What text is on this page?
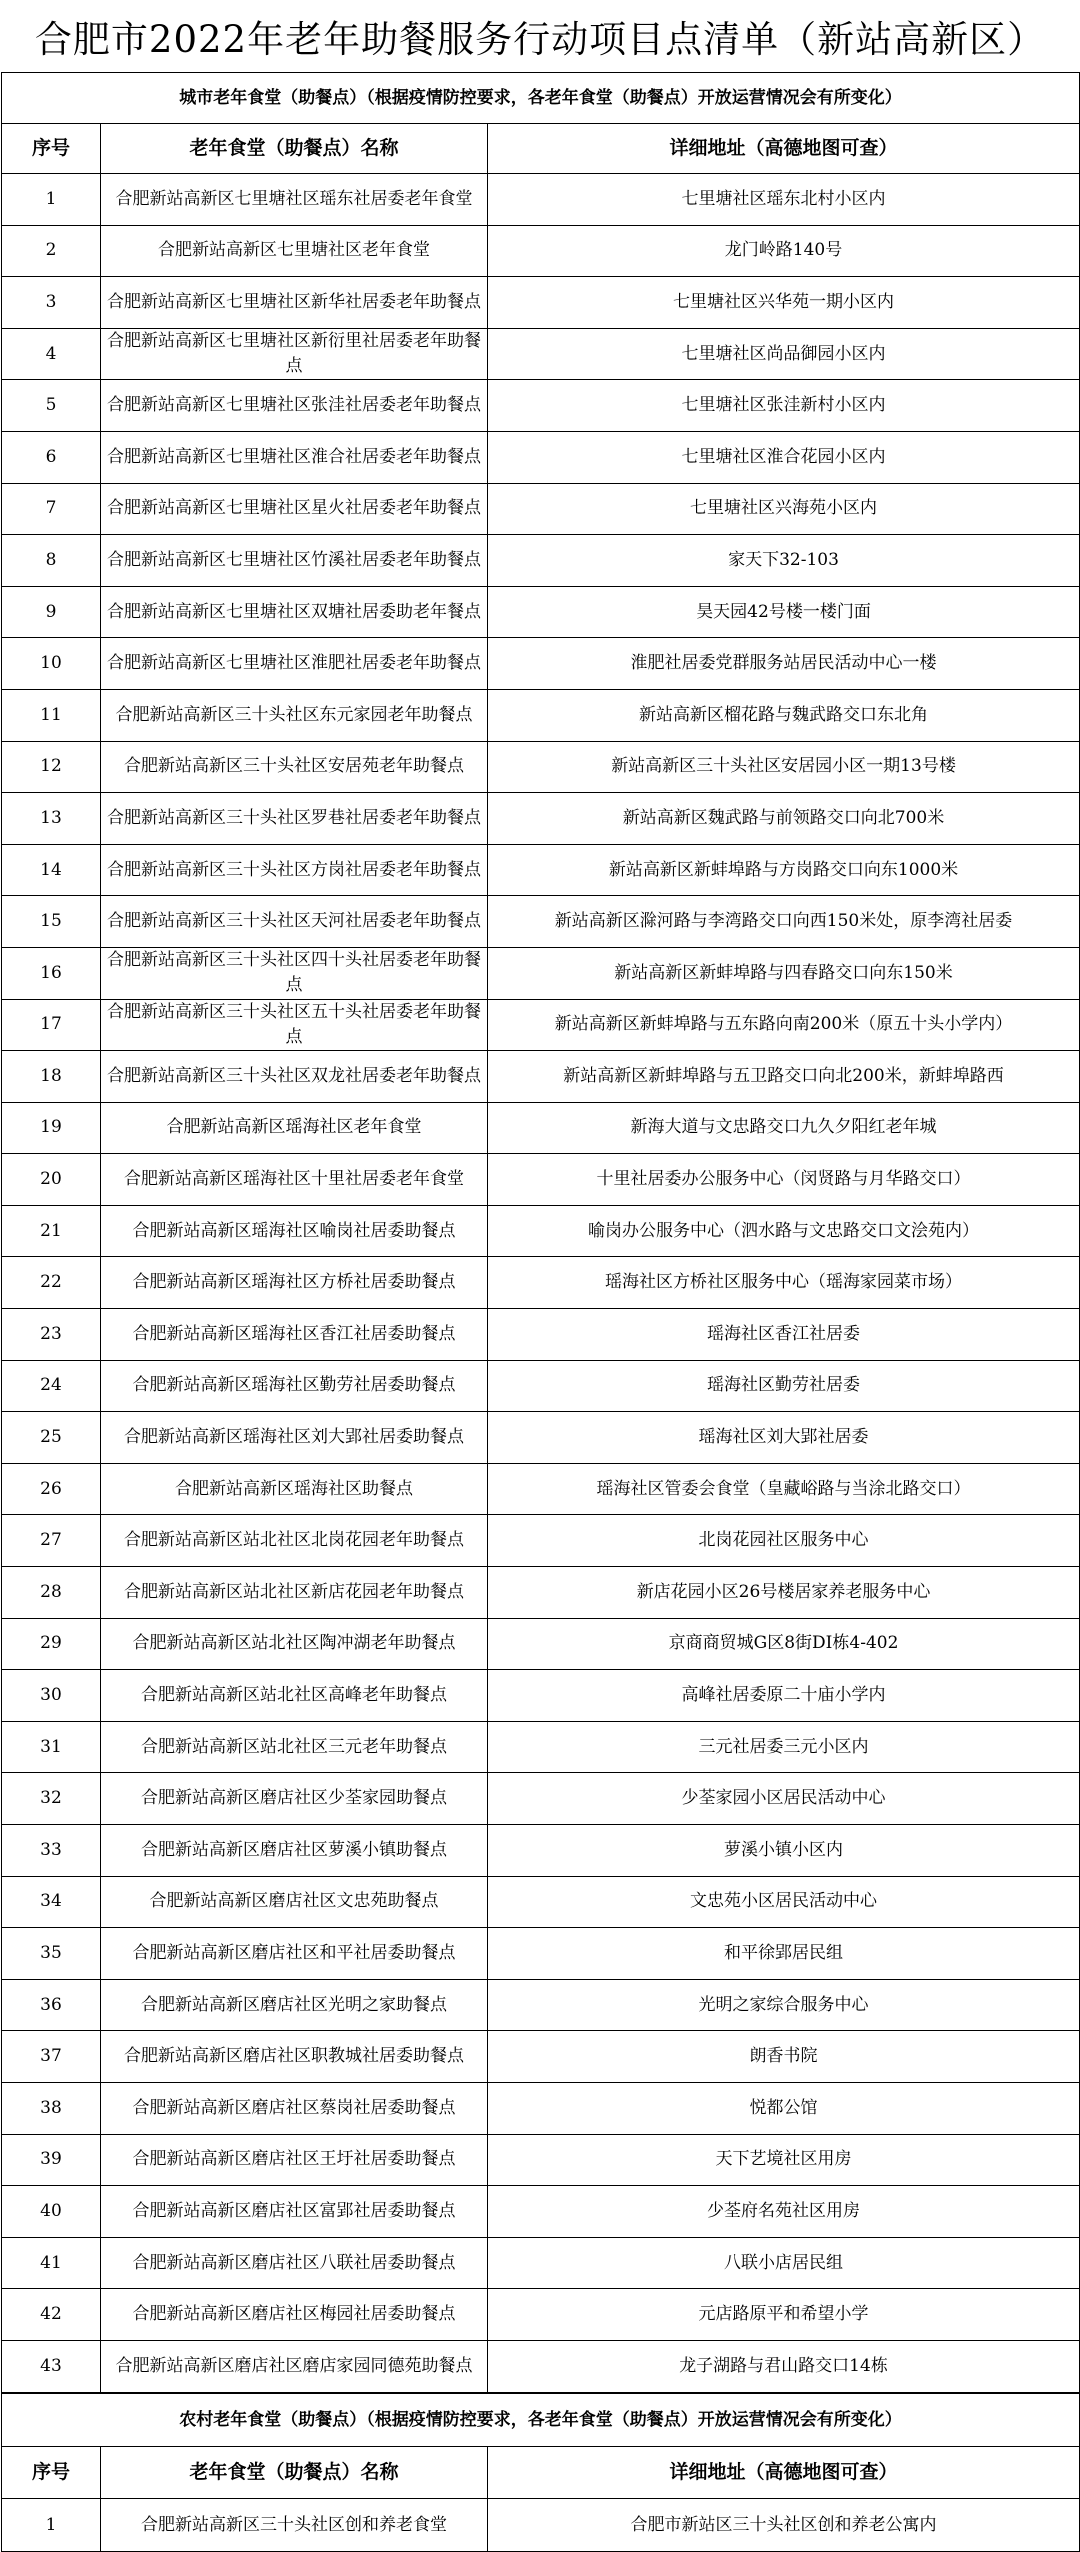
合肥市2022年老年助餐服务行动项目点清单（新站高新区）
城市老年食堂（助餐点）（根据疫情防控要求，各老年食堂（助餐点）开放运营情况会有所变化）		
序号	老年食堂（助餐点）名称	详细地址（高德地图可查）
1	合肥新站高新区七里塘社区瑶东社居委老年食堂	七里塘社区瑶东北村小区内
2	合肥新站高新区七里塘社区老年食堂	龙门岭路140号
3	合肥新站高新区七里塘社区新华社居委老年助餐点	七里塘社区兴华苑一期小区内
4	合肥新站高新区七里塘社区新衍里社居委老年助餐点	七里塘社区尚品御园小区内
5	合肥新站高新区七里塘社区张洼社居委老年助餐点	七里塘社区张洼新村小区内
6	合肥新站高新区七里塘社区淮合社居委老年助餐点	七里塘社区淮合花园小区内
7	合肥新站高新区七里塘社区星火社居委老年助餐点	七里塘社区兴海苑小区内
8	合肥新站高新区七里塘社区竹溪社居委老年助餐点	家天下32-103
9	合肥新站高新区七里塘社区双塘社居委助老年餐点	昊天园42号楼一楼门面
10	合肥新站高新区七里塘社区淮肥社居委老年助餐点	淮肥社居委党群服务站居民活动中心一楼
11	合肥新站高新区三十头社区东元家园老年助餐点	新站高新区榴花路与魏武路交口东北角
12	合肥新站高新区三十头社区安居苑老年助餐点	新站高新区三十头社区安居园小区一期13号楼
13	合肥新站高新区三十头社区罗巷社居委老年助餐点	新站高新区魏武路与前领路交口向北700米
14	合肥新站高新区三十头社区方岗社居委老年助餐点	新站高新区新蚌埠路与方岗路交口向东1000米
15	合肥新站高新区三十头社区天河社居委老年助餐点	新站高新区滁河路与李湾路交口向西150米处，原李湾社居委
16	合肥新站高新区三十头社区四十头社居委老年助餐点	新站高新区新蚌埠路与四春路交口向东150米
17	合肥新站高新区三十头社区五十头社居委老年助餐点	新站高新区新蚌埠路与五东路向南200米（原五十头小学内）
18	合肥新站高新区三十头社区双龙社居委老年助餐点	新站高新区新蚌埠路与五卫路交口向北200米，新蚌埠路西
19	合肥新站高新区瑶海社区老年食堂	新海大道与文忠路交口九久夕阳红老年城
20	合肥新站高新区瑶海社区十里社居委老年食堂	十里社居委办公服务中心（闵贤路与月华路交口）
21	合肥新站高新区瑶海社区喻岗社居委助餐点	喻岗办公服务中心（泗水路与文忠路交口文浍苑内）
22	合肥新站高新区瑶海社区方桥社居委助餐点	瑶海社区方桥社区服务中心（瑶海家园菜市场）
23	合肥新站高新区瑶海社区香江社居委助餐点	瑶海社区香江社居委
24	合肥新站高新区瑶海社区勤劳社居委助餐点	瑶海社区勤劳社居委
25	合肥新站高新区瑶海社区刘大郢社居委助餐点	瑶海社区刘大郢社居委
26	合肥新站高新区瑶海社区助餐点	瑶海社区管委会食堂（皇藏峪路与当涂北路交口）
27	合肥新站高新区站北社区北岗花园老年助餐点	北岗花园社区服务中心
28	合肥新站高新区站北社区新店花园老年助餐点	新店花园小区26号楼居家养老服务中心
29	合肥新站高新区站北社区陶冲湖老年助餐点	京商商贸城G区8街DI栋4-402
30	合肥新站高新区站北社区高峰老年助餐点	高峰社居委原二十庙小学内
31	合肥新站高新区站北社区三元老年助餐点	三元社居委三元小区内
32	合肥新站高新区磨店社区少荃家园助餐点	少荃家园小区居民活动中心
33	合肥新站高新区磨店社区萝溪小镇助餐点	萝溪小镇小区内
34	合肥新站高新区磨店社区文忠苑助餐点	文忠苑小区居民活动中心
35	合肥新站高新区磨店社区和平社居委助餐点	和平徐郢居民组
36	合肥新站高新区磨店社区光明之家助餐点	光明之家综合服务中心
37	合肥新站高新区磨店社区职教城社居委助餐点	朗香书院
38	合肥新站高新区磨店社区蔡岗社居委助餐点	悦都公馆
39	合肥新站高新区磨店社区王圩社居委助餐点	天下艺境社区用房
40	合肥新站高新区磨店社区富郢社居委助餐点	少荃府名苑社区用房
41	合肥新站高新区磨店社区八联社居委助餐点	八联小店居民组
42	合肥新站高新区磨店社区梅园社居委助餐点	元店路原平和希望小学
43	合肥新站高新区磨店社区磨店家园同德苑助餐点	龙子湖路与君山路交口14栋
农村老年食堂（助餐点）（根据疫情防控要求，各老年食堂（助餐点）开放运营情况会有所变化）		
序号	老年食堂（助餐点）名称	详细地址（高德地图可查）
1	合肥新站高新区三十头社区创和养老食堂	合肥市新站区三十头社区创和养老公寓内
